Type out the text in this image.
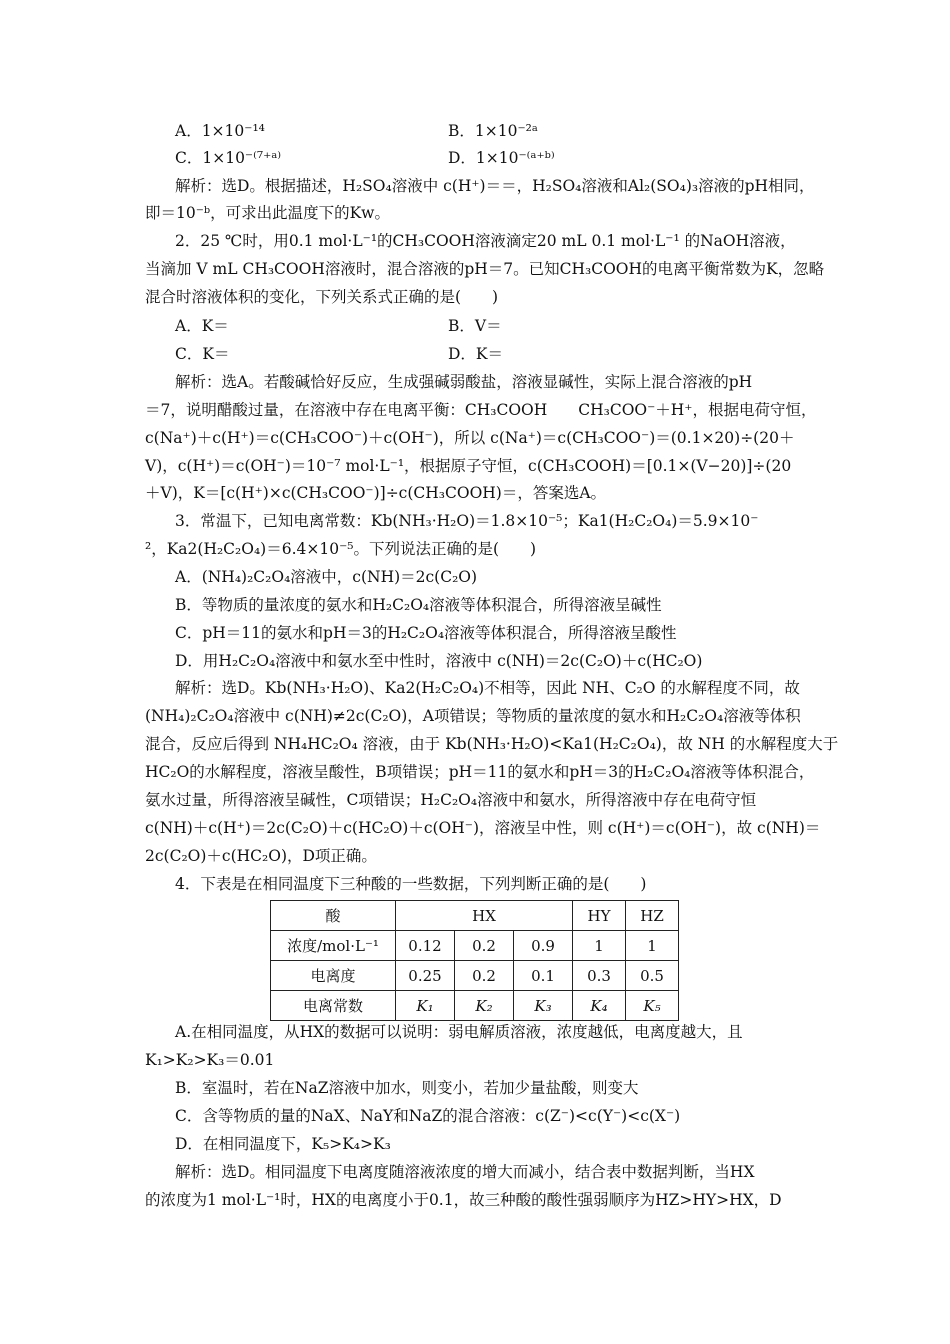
A．1×10⁻¹⁴	B．1×10⁻²ᵃ
C．1×10⁻⁽⁷⁺ᵃ⁾	D．1×10⁻⁽ᵃ⁺ᵇ⁾
解析：选D。根据描述，H₂SO₄溶液中 c(H⁺)＝＝，H₂SO₄溶液和Al₂(SO₄)₃溶液的pH相同，
即＝10⁻ᵇ，可求出此温度下的Kw。
2．25 ℃时，用0.1 mol·L⁻¹的CH₃COOH溶液滴定20 mL 0.1 mol·L⁻¹ 的NaOH溶液，
当滴加 V mL CH₃COOH溶液时，混合溶液的pH＝7。已知CH₃COOH的电离平衡常数为K，忽略
混合时溶液体积的变化，下列关系式正确的是(　　)
A．K＝	B．V＝
C．K＝	D．K＝
解析：选A。若酸碱恰好反应，生成强碱弱酸盐，溶液显碱性，实际上混合溶液的pH
＝7，说明醋酸过量，在溶液中存在电离平衡：CH₃COOH　　CH₃COO⁻＋H⁺，根据电荷守恒，
c(Na⁺)＋c(H⁺)＝c(CH₃COO⁻)＋c(OH⁻)，所以 c(Na⁺)＝c(CH₃COO⁻)＝(0.1×20)÷(20＋
V)，c(H⁺)＝c(OH⁻)＝10⁻⁷ mol·L⁻¹，根据原子守恒，c(CH₃COOH)＝[0.1×(V−20)]÷(20
＋V)，K＝[c(H⁺)×c(CH₃COO⁻)]÷c(CH₃COOH)＝，答案选A。
3．常温下，已知电离常数：Kb(NH₃·H₂O)＝1.8×10⁻⁵；Ka1(H₂C₂O₄)＝5.9×10⁻
²，Ka2(H₂C₂O₄)＝6.4×10⁻⁵。下列说法正确的是(　　)
A．(NH₄)₂C₂O₄溶液中，c(NH)＝2c(C₂O)
B．等物质的量浓度的氨水和H₂C₂O₄溶液等体积混合，所得溶液呈碱性
C．pH＝11的氨水和pH＝3的H₂C₂O₄溶液等体积混合，所得溶液呈酸性
D．用H₂C₂O₄溶液中和氨水至中性时，溶液中 c(NH)＝2c(C₂O)＋c(HC₂O)
解析：选D。Kb(NH₃·H₂O)、Ka2(H₂C₂O₄)不相等，因此 NH、C₂O 的水解程度不同，故
(NH₄)₂C₂O₄溶液中 c(NH)≠2c(C₂O)，A项错误；等物质的量浓度的氨水和H₂C₂O₄溶液等体积
混合，反应后得到 NH₄HC₂O₄ 溶液，由于 Kb(NH₃·H₂O)<Ka1(H₂C₂O₄)，故 NH 的水解程度大于
HC₂O的水解程度，溶液呈酸性，B项错误；pH＝11的氨水和pH＝3的H₂C₂O₄溶液等体积混合，
氨水过量，所得溶液呈碱性，C项错误；H₂C₂O₄溶液中和氨水，所得溶液中存在电荷守恒
c(NH)＋c(H⁺)＝2c(C₂O)＋c(HC₂O)＋c(OH⁻)，溶液呈中性，则 c(H⁺)＝c(OH⁻)，故 c(NH)＝
2c(C₂O)＋c(HC₂O)，D项正确。
4．下表是在相同温度下三种酸的一些数据，下列判断正确的是(　　)
酸	HX			HY	HZ
浓度/mol·L⁻¹	0.12	0.2	0.9	1	1
电离度	0.25	0.2	0.1	0.3	0.5
电离常数	K₁	K₂	K₃	K₄	K₅
A.在相同温度，从HX的数据可以说明：弱电解质溶液，浓度越低，电离度越大，且
K₁>K₂>K₃＝0.01
B．室温时，若在NaZ溶液中加水，则变小，若加少量盐酸，则变大
C．含等物质的量的NaX、NaY和NaZ的混合溶液：c(Z⁻)<c(Y⁻)<c(X⁻)
D．在相同温度下，K₅>K₄>K₃
解析：选D。相同温度下电离度随溶液浓度的增大而减小，结合表中数据判断，当HX
的浓度为1 mol·L⁻¹时，HX的电离度小于0.1，故三种酸的酸性强弱顺序为HZ>HY>HX，D
